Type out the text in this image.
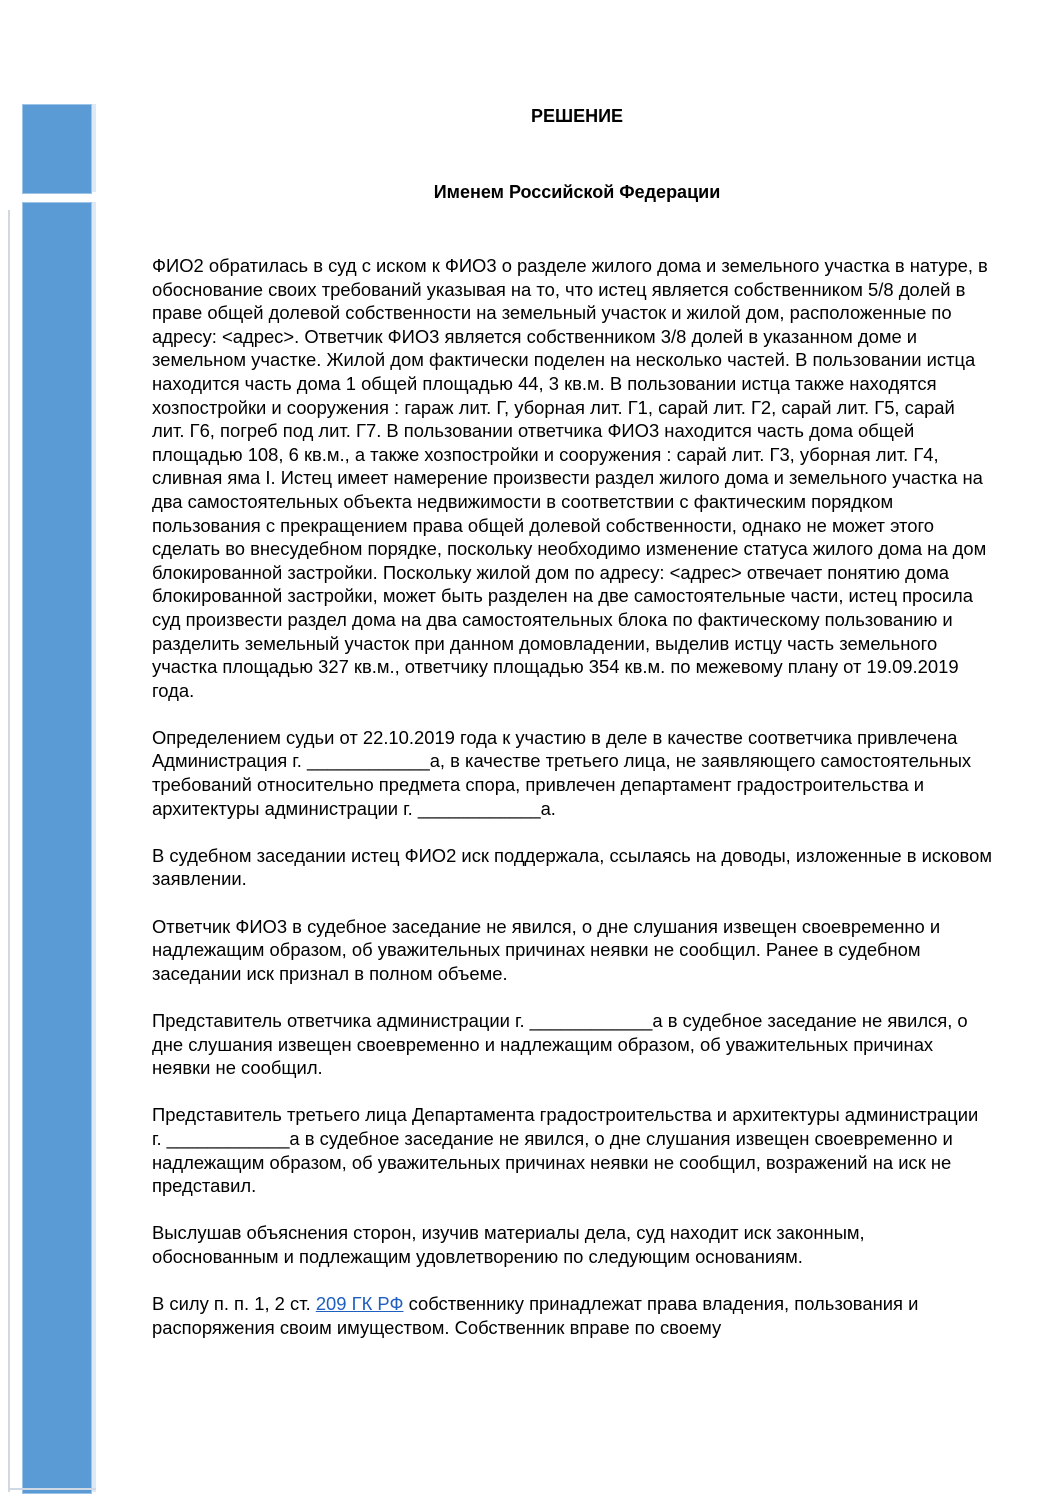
РЕШЕНИЕ
Именем Российской Федерации

ФИО2 обратилась в суд с иском к ФИО3 о разделе жилого дома и земельного участка в натуре, в обоснование своих требований указывая на то, что истец является собственником 5/8 долей в праве общей долевой собственности на земельный участок и жилой дом, расположенные по адресу: <адрес>. Ответчик ФИО3 является собственником 3/8 долей в указанном доме и земельном участке. Жилой дом фактически поделен на несколько частей. В пользовании истца находится часть дома 1 общей площадью 44, 3 кв.м. В пользовании истца также находятся хозпостройки и сооружения : гараж лит. Г, уборная лит. Г1, сарай лит. Г2, сарай лит. Г5, сарай лит. Г6, погреб под лит. Г7. В пользовании ответчика ФИО3 находится часть дома общей площадью 108, 6 кв.м., а также хозпостройки и сооружения : сарай лит. Г3, уборная лит. Г4, сливная яма I. Истец имеет намерение произвести раздел жилого дома и земельного участка на два самостоятельных объекта недвижимости в соответствии с фактическим порядком пользования с прекращением права общей долевой собственности, однако не может этого сделать во внесудебном порядке, поскольку необходимо изменение статуса жилого дома на дом блокированной застройки. Поскольку жилой дом по адресу: <адрес> отвечает понятию дома блокированной застройки, может быть разделен на две самостоятельные части, истец просила суд произвести раздел дома на два самостоятельных блока по фактическому пользованию и разделить земельный участок при данном домовладении, выделив истцу часть земельного участка площадью 327 кв.м., ответчику площадью 354 кв.м. по межевому плану от 19.09.2019 года.

Определением судьи от 22.10.2019 года к участию в деле в качестве соответчика привлечена Администрация г. ____________а, в качестве третьего лица, не заявляющего самостоятельных требований относительно предмета спора, привлечен департамент градостроительства и архитектуры администрации г. ____________а.

В судебном заседании истец ФИО2 иск поддержала, ссылаясь на доводы, изложенные в исковом заявлении.

Ответчик ФИО3 в судебное заседание не явился, о дне слушания извещен своевременно и надлежащим образом, об уважительных причинах неявки не сообщил. Ранее в судебном заседании иск признал в полном объеме.

Представитель ответчика администрации г. ____________а в судебное заседание не явился, о дне слушания извещен своевременно и надлежащим образом, об уважительных причинах неявки не сообщил.

Представитель третьего лица Департамента градостроительства и архитектуры администрации г. ____________а в судебное заседание не явился, о дне слушания извещен своевременно и надлежащим образом, об уважительных причинах неявки не сообщил, возражений на иск не представил.

Выслушав объяснения сторон, изучив материалы дела, суд находит иск законным, обоснованным и подлежащим удовлетворению по следующим основаниям.

В силу п. п. 1, 2 ст. 209 ГК РФ собственнику принадлежат права владения, пользования и распоряжения своим имуществом. Собственник вправе по своему
